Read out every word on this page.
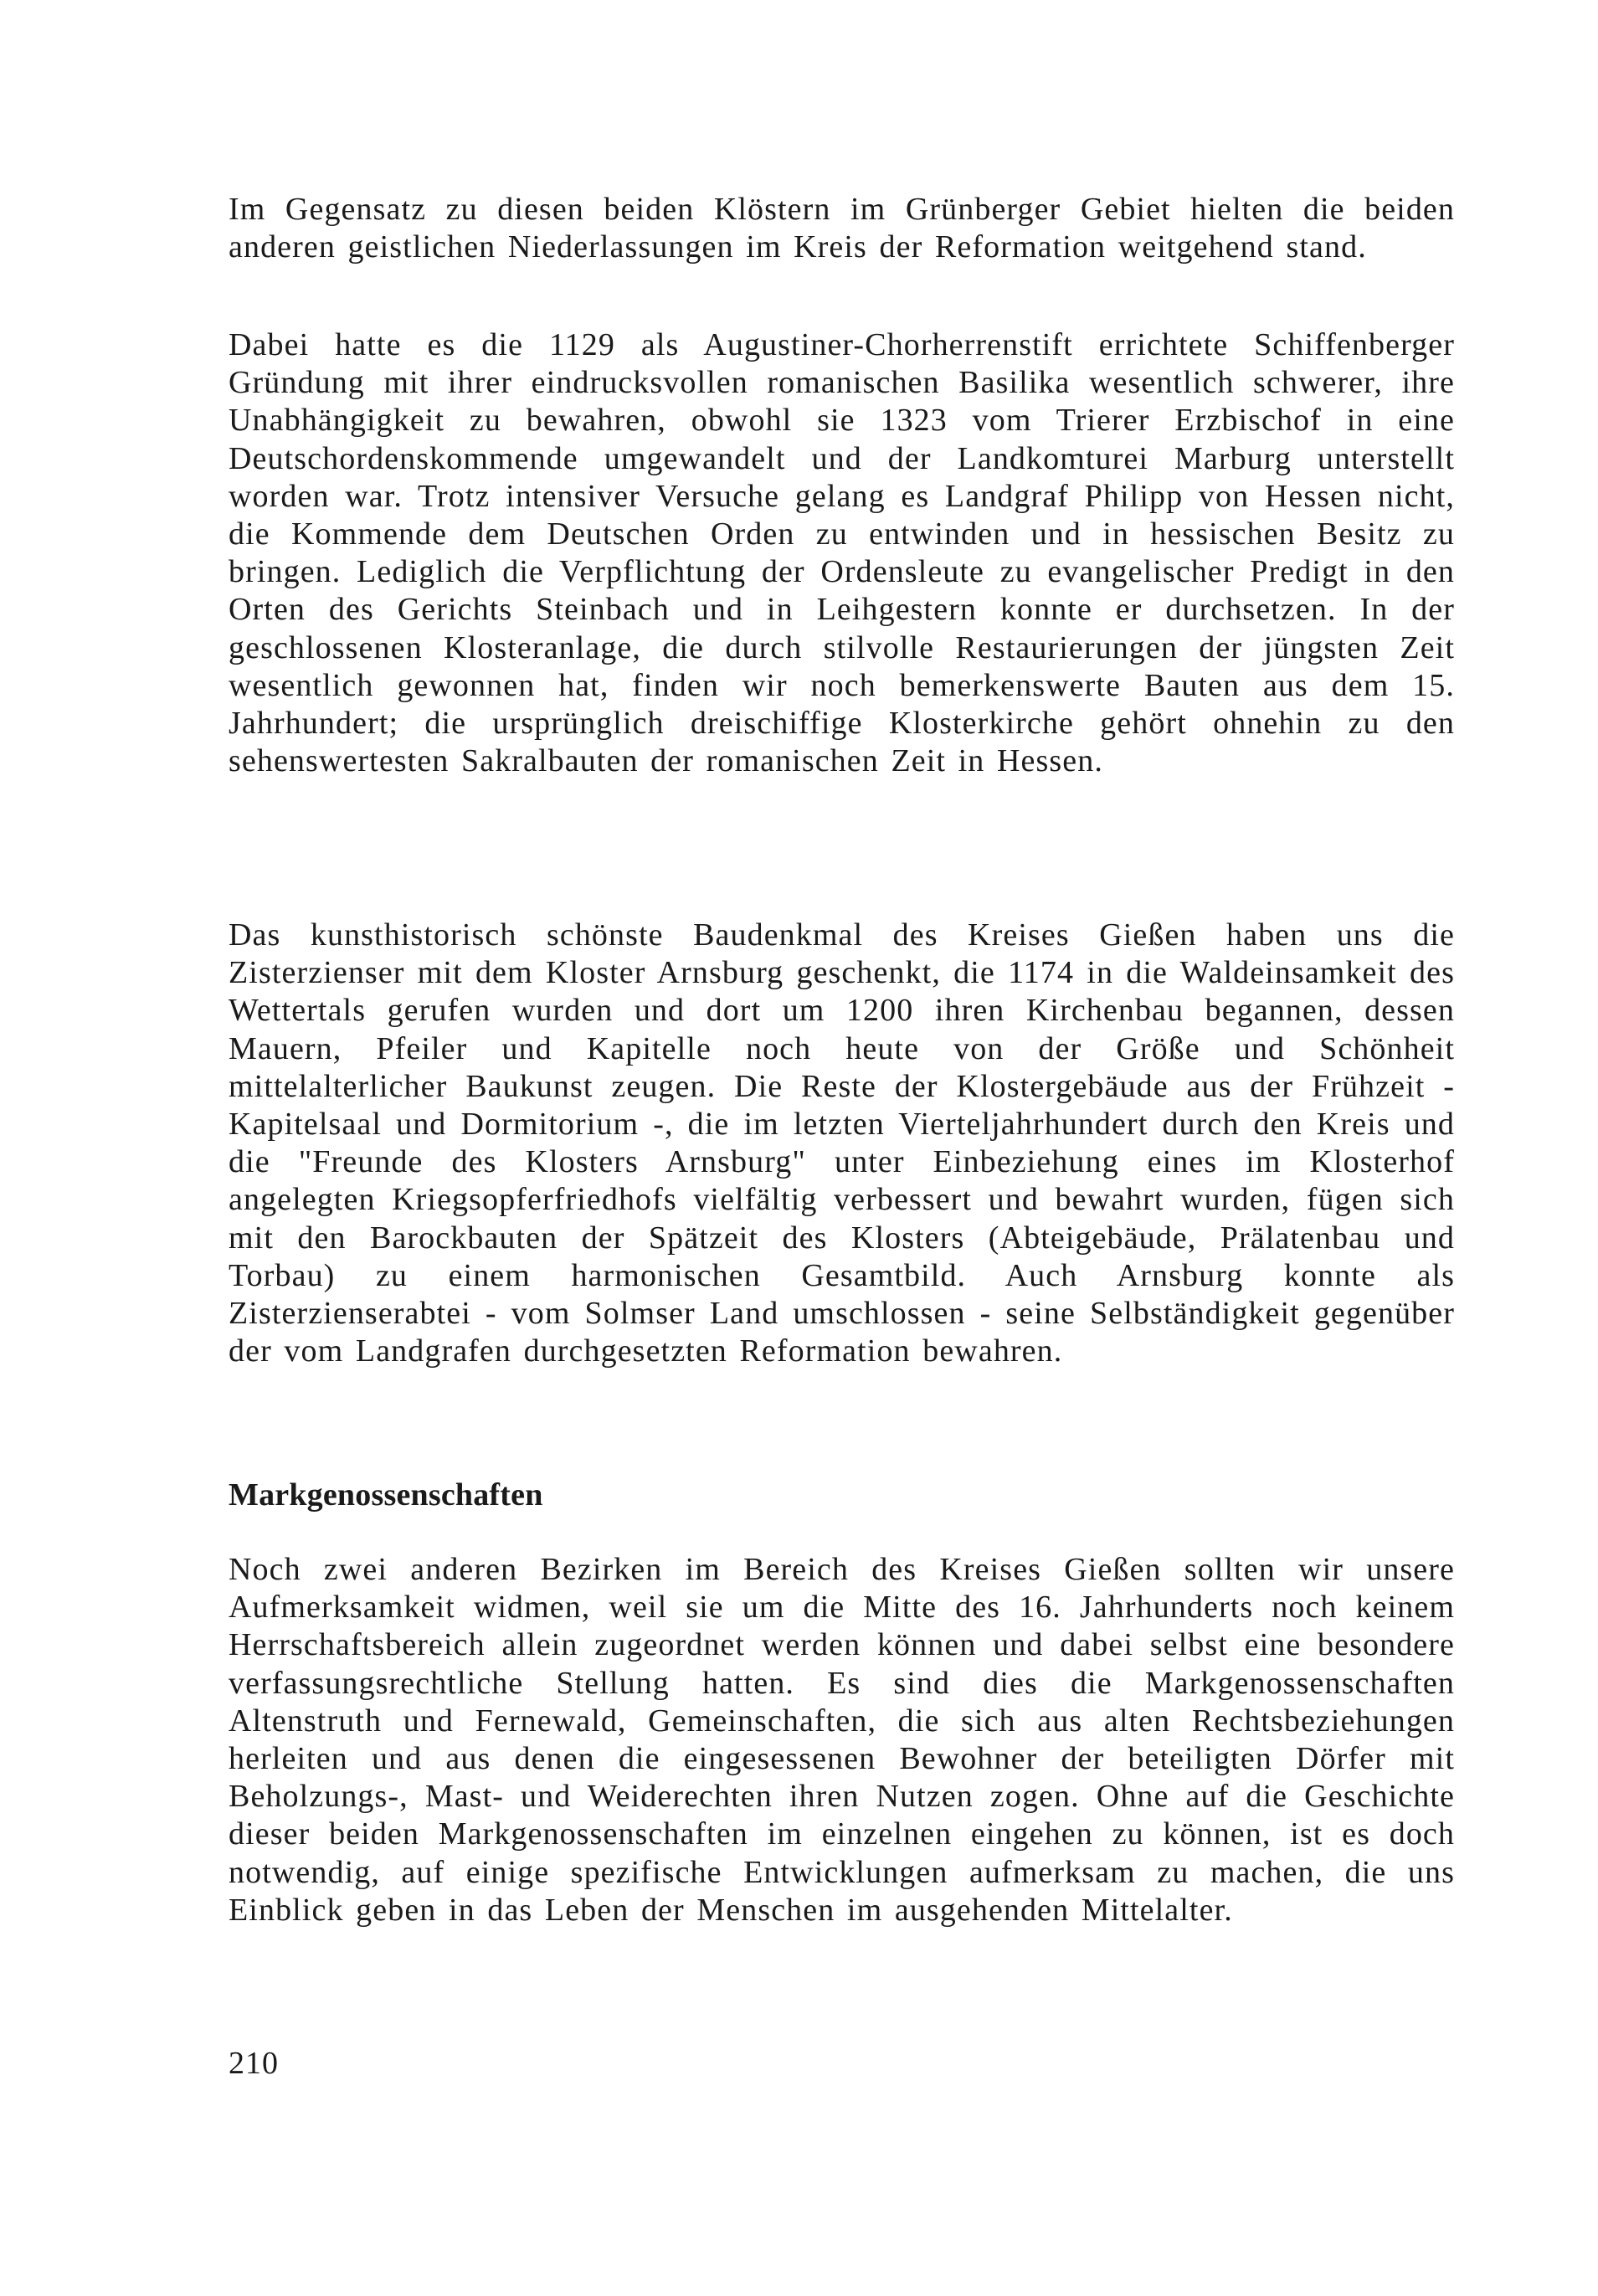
Im Gegensatz zu diesen beiden Klöstern im Grünberger Gebiet hielten die beiden anderen geistlichen Niederlassungen im Kreis der Reformation weitgehend stand.

Dabei hatte es die 1129 als Augustiner-Chorherrenstift errichtete Schiffenberger Gründung mit ihrer eindrucksvollen romanischen Basilika wesentlich schwerer, ihre Unabhängigkeit zu bewahren, obwohl sie 1323 vom Trierer Erzbischof in eine Deutschordenskommende umgewandelt und der Landkomturei Marburg unterstellt worden war. Trotz intensiver Versuche gelang es Landgraf Philipp von Hessen nicht, die Kommende dem Deutschen Orden zu entwinden und in hessischen Besitz zu bringen. Lediglich die Verpflichtung der Ordensleute zu evangelischer Predigt in den Orten des Gerichts Steinbach und in Leihgestern konnte er durchsetzen. In der geschlossenen Klosteranlage, die durch stilvolle Restaurierungen der jüngsten Zeit wesentlich gewonnen hat, finden wir noch bemerkenswerte Bauten aus dem 15. Jahrhundert; die ursprünglich dreischiffige Klosterkirche gehört ohnehin zu den sehenswertesten Sakralbauten der romanischen Zeit in Hessen.

Das kunsthistorisch schönste Baudenkmal des Kreises Gießen haben uns die Zisterzienser mit dem Kloster Arnsburg geschenkt, die 1174 in die Waldeinsamkeit des Wettertals gerufen wurden und dort um 1200 ihren Kirchenbau begannen, dessen Mauern, Pfeiler und Kapitelle noch heute von der Größe und Schönheit mittelalterlicher Baukunst zeugen. Die Reste der Klostergebäude aus der Frühzeit - Kapitelsaal und Dormitorium -, die im letzten Vierteljahrhundert durch den Kreis und die "Freunde des Klosters Arnsburg" unter Einbeziehung eines im Klosterhof angelegten Kriegsopferfriedhofs vielfältig verbessert und bewahrt wurden, fügen sich mit den Barockbauten der Spätzeit des Klosters (Abteigebäude, Prälatenbau und Torbau) zu einem harmonischen Gesamtbild. Auch Arnsburg konnte als Zisterzienserabtei - vom Solmser Land umschlossen - seine Selbständigkeit gegenüber der vom Landgrafen durchgesetzten Reformation bewahren.

Markgenossenschaften

Noch zwei anderen Bezirken im Bereich des Kreises Gießen sollten wir unsere Aufmerksamkeit widmen, weil sie um die Mitte des 16. Jahrhunderts noch keinem Herrschaftsbereich allein zugeordnet werden können und dabei selbst eine besondere verfassungsrechtliche Stellung hatten. Es sind dies die Markgenossenschaften Altenstruth und Fernewald, Gemeinschaften, die sich aus alten Rechtsbeziehungen herleiten und aus denen die eingesessenen Bewohner der beteiligten Dörfer mit Beholzungs-, Mast- und Weiderechten ihren Nutzen zogen. Ohne auf die Geschichte dieser beiden Markgenossenschaften im einzelnen eingehen zu können, ist es doch notwendig, auf einige spezifische Entwicklungen aufmerksam zu machen, die uns Einblick geben in das Leben der Menschen im ausgehenden Mittelalter.

210
